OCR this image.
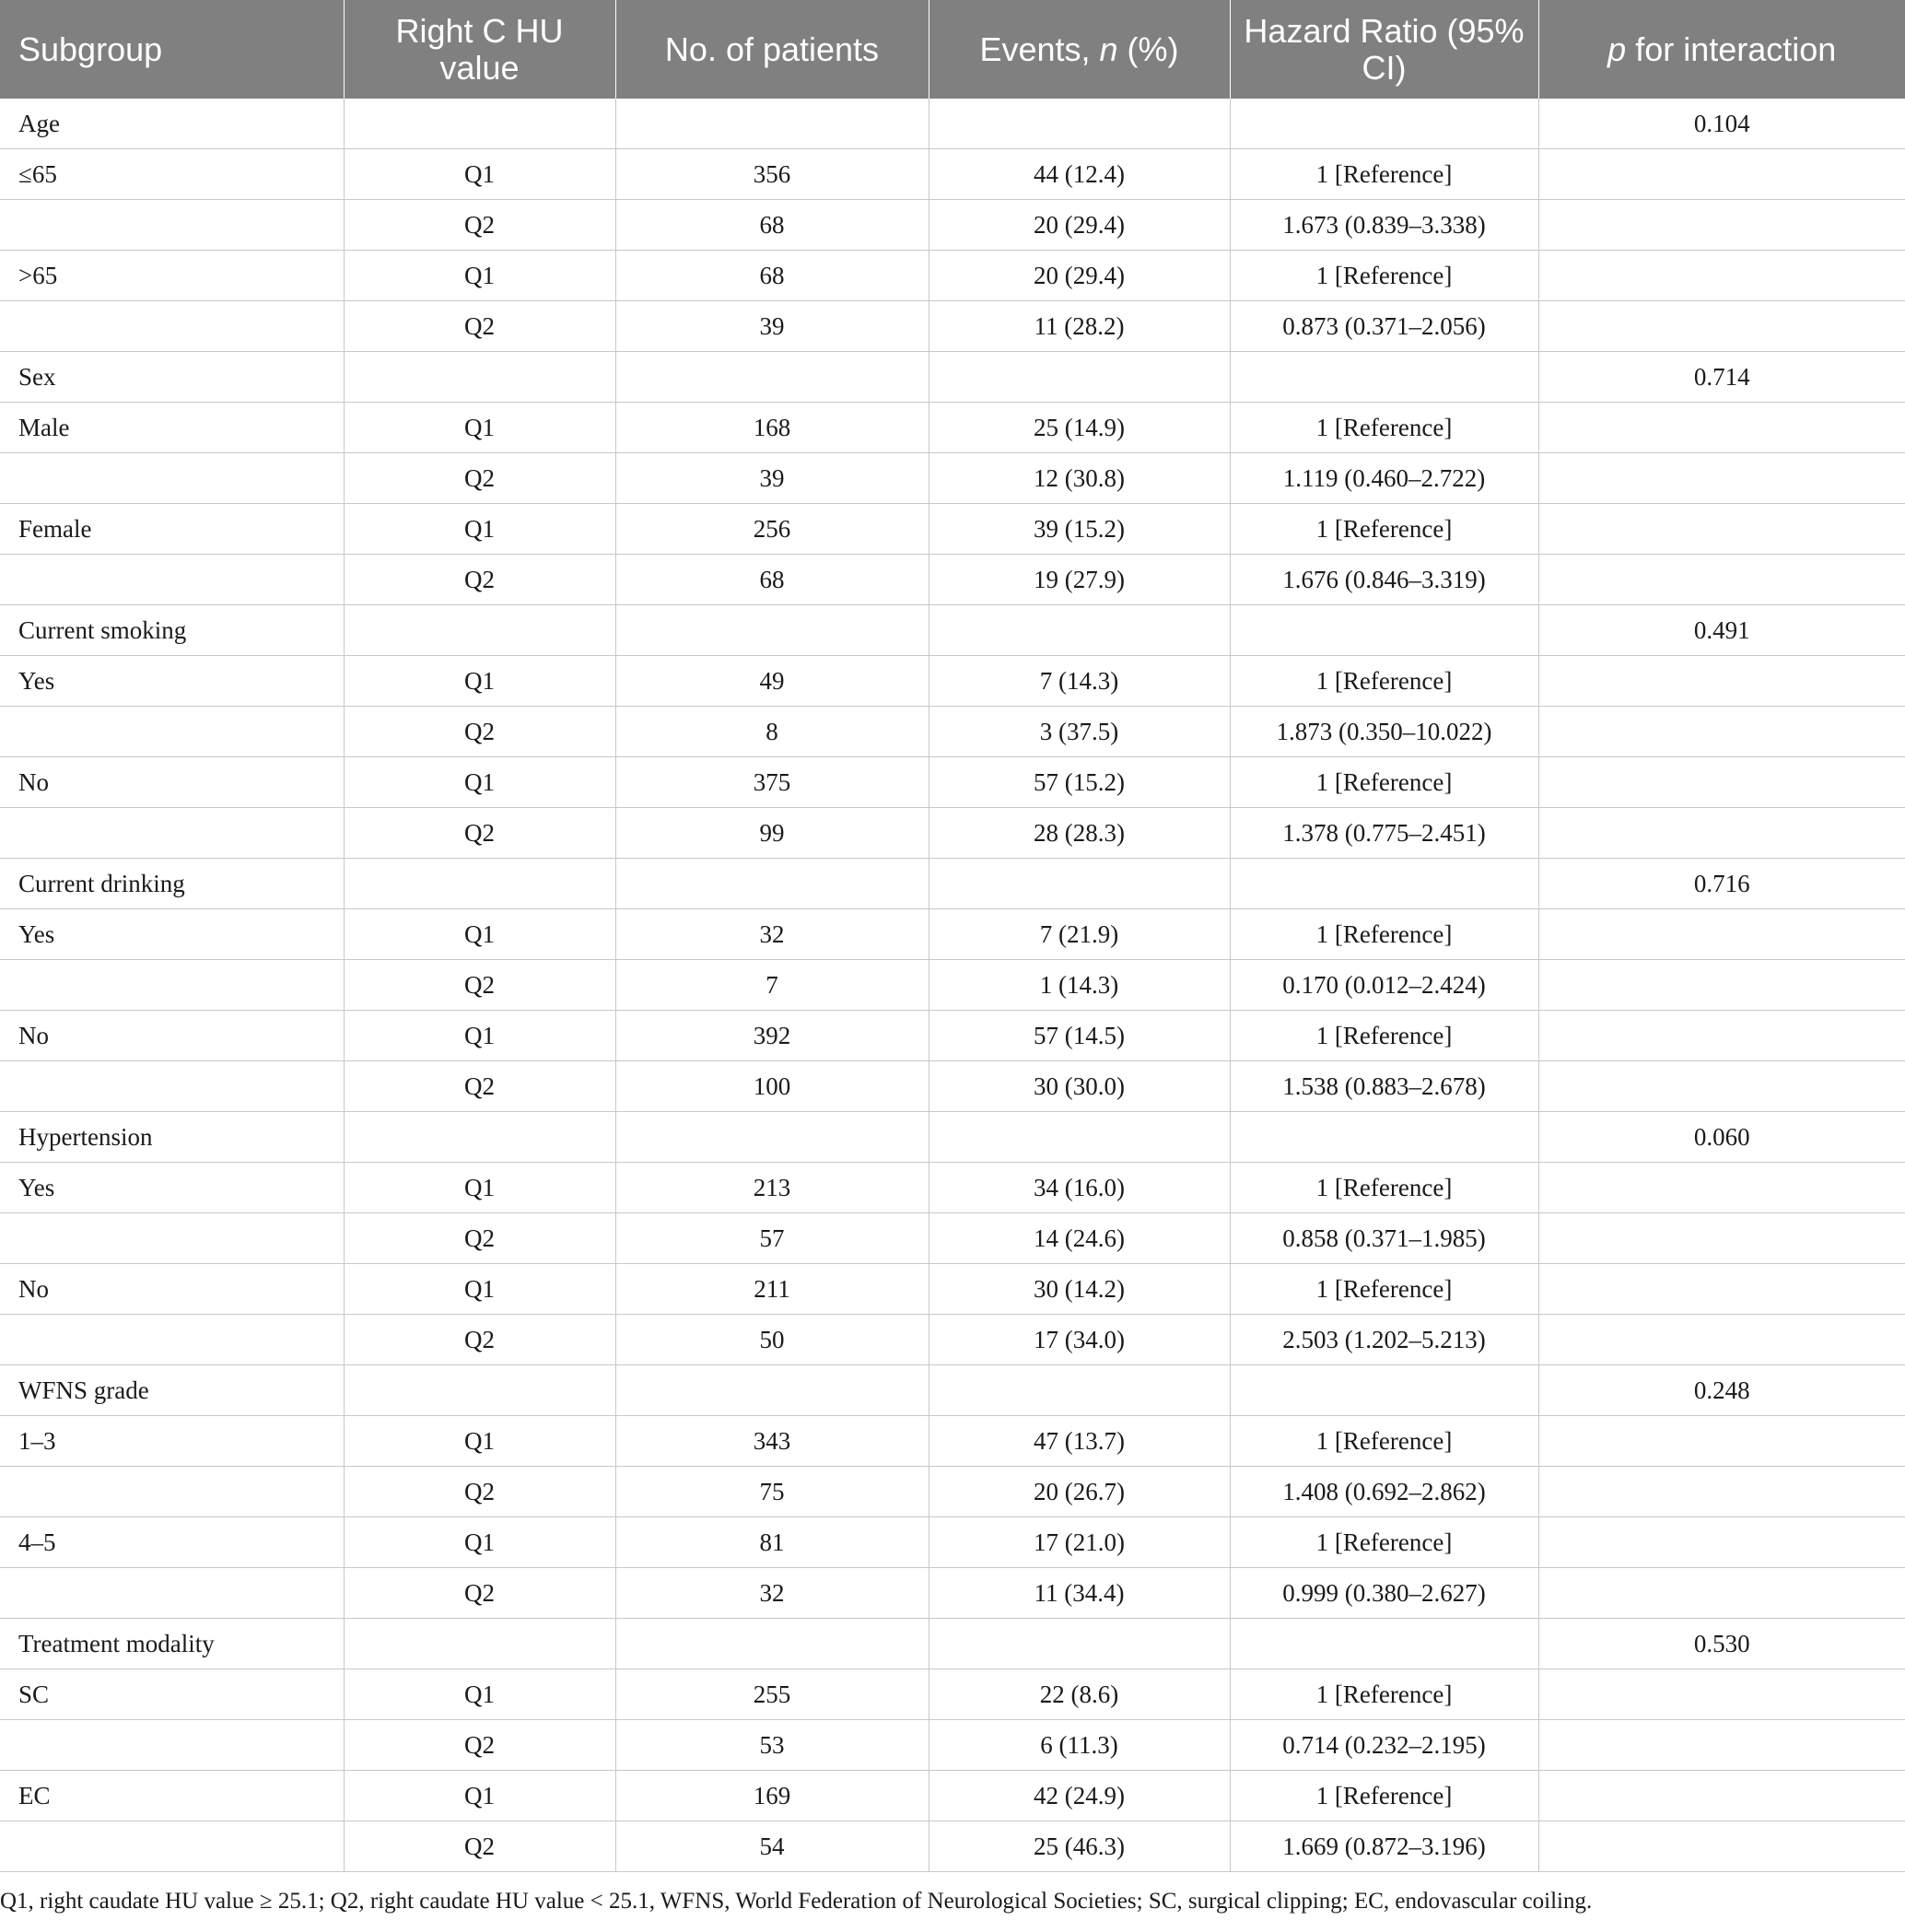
Subgroup	Right C HU value	No. of patients	Events, n (%)	Hazard Ratio (95% CI)	p for interaction
Age					0.104
≤65	Q1	356	44 (12.4)	1 [Reference]	
	Q2	68	20 (29.4)	1.673 (0.839–3.338)	
>65	Q1	68	20 (29.4)	1 [Reference]	
	Q2	39	11 (28.2)	0.873 (0.371–2.056)	
Sex					0.714
Male	Q1	168	25 (14.9)	1 [Reference]	
	Q2	39	12 (30.8)	1.119 (0.460–2.722)	
Female	Q1	256	39 (15.2)	1 [Reference]	
	Q2	68	19 (27.9)	1.676 (0.846–3.319)	
Current smoking					0.491
Yes	Q1	49	7 (14.3)	1 [Reference]	
	Q2	8	3 (37.5)	1.873 (0.350–10.022)	
No	Q1	375	57 (15.2)	1 [Reference]	
	Q2	99	28 (28.3)	1.378 (0.775–2.451)	
Current drinking					0.716
Yes	Q1	32	7 (21.9)	1 [Reference]	
	Q2	7	1 (14.3)	0.170 (0.012–2.424)	
No	Q1	392	57 (14.5)	1 [Reference]	
	Q2	100	30 (30.0)	1.538 (0.883–2.678)	
Hypertension					0.060
Yes	Q1	213	34 (16.0)	1 [Reference]	
	Q2	57	14 (24.6)	0.858 (0.371–1.985)	
No	Q1	211	30 (14.2)	1 [Reference]	
	Q2	50	17 (34.0)	2.503 (1.202–5.213)	
WFNS grade					0.248
1–3	Q1	343	47 (13.7)	1 [Reference]	
	Q2	75	20 (26.7)	1.408 (0.692–2.862)	
4–5	Q1	81	17 (21.0)	1 [Reference]	
	Q2	32	11 (34.4)	0.999 (0.380–2.627)	
Treatment modality					0.530
SC	Q1	255	22 (8.6)	1 [Reference]	
	Q2	53	6 (11.3)	0.714 (0.232–2.195)	
EC	Q1	169	42 (24.9)	1 [Reference]	
	Q2	54	25 (46.3)	1.669 (0.872–3.196)	
Q1, right caudate HU value ≥ 25.1; Q2, right caudate HU value < 25.1, WFNS, World Federation of Neurological Societies; SC, surgical clipping; EC, endovascular coiling.
